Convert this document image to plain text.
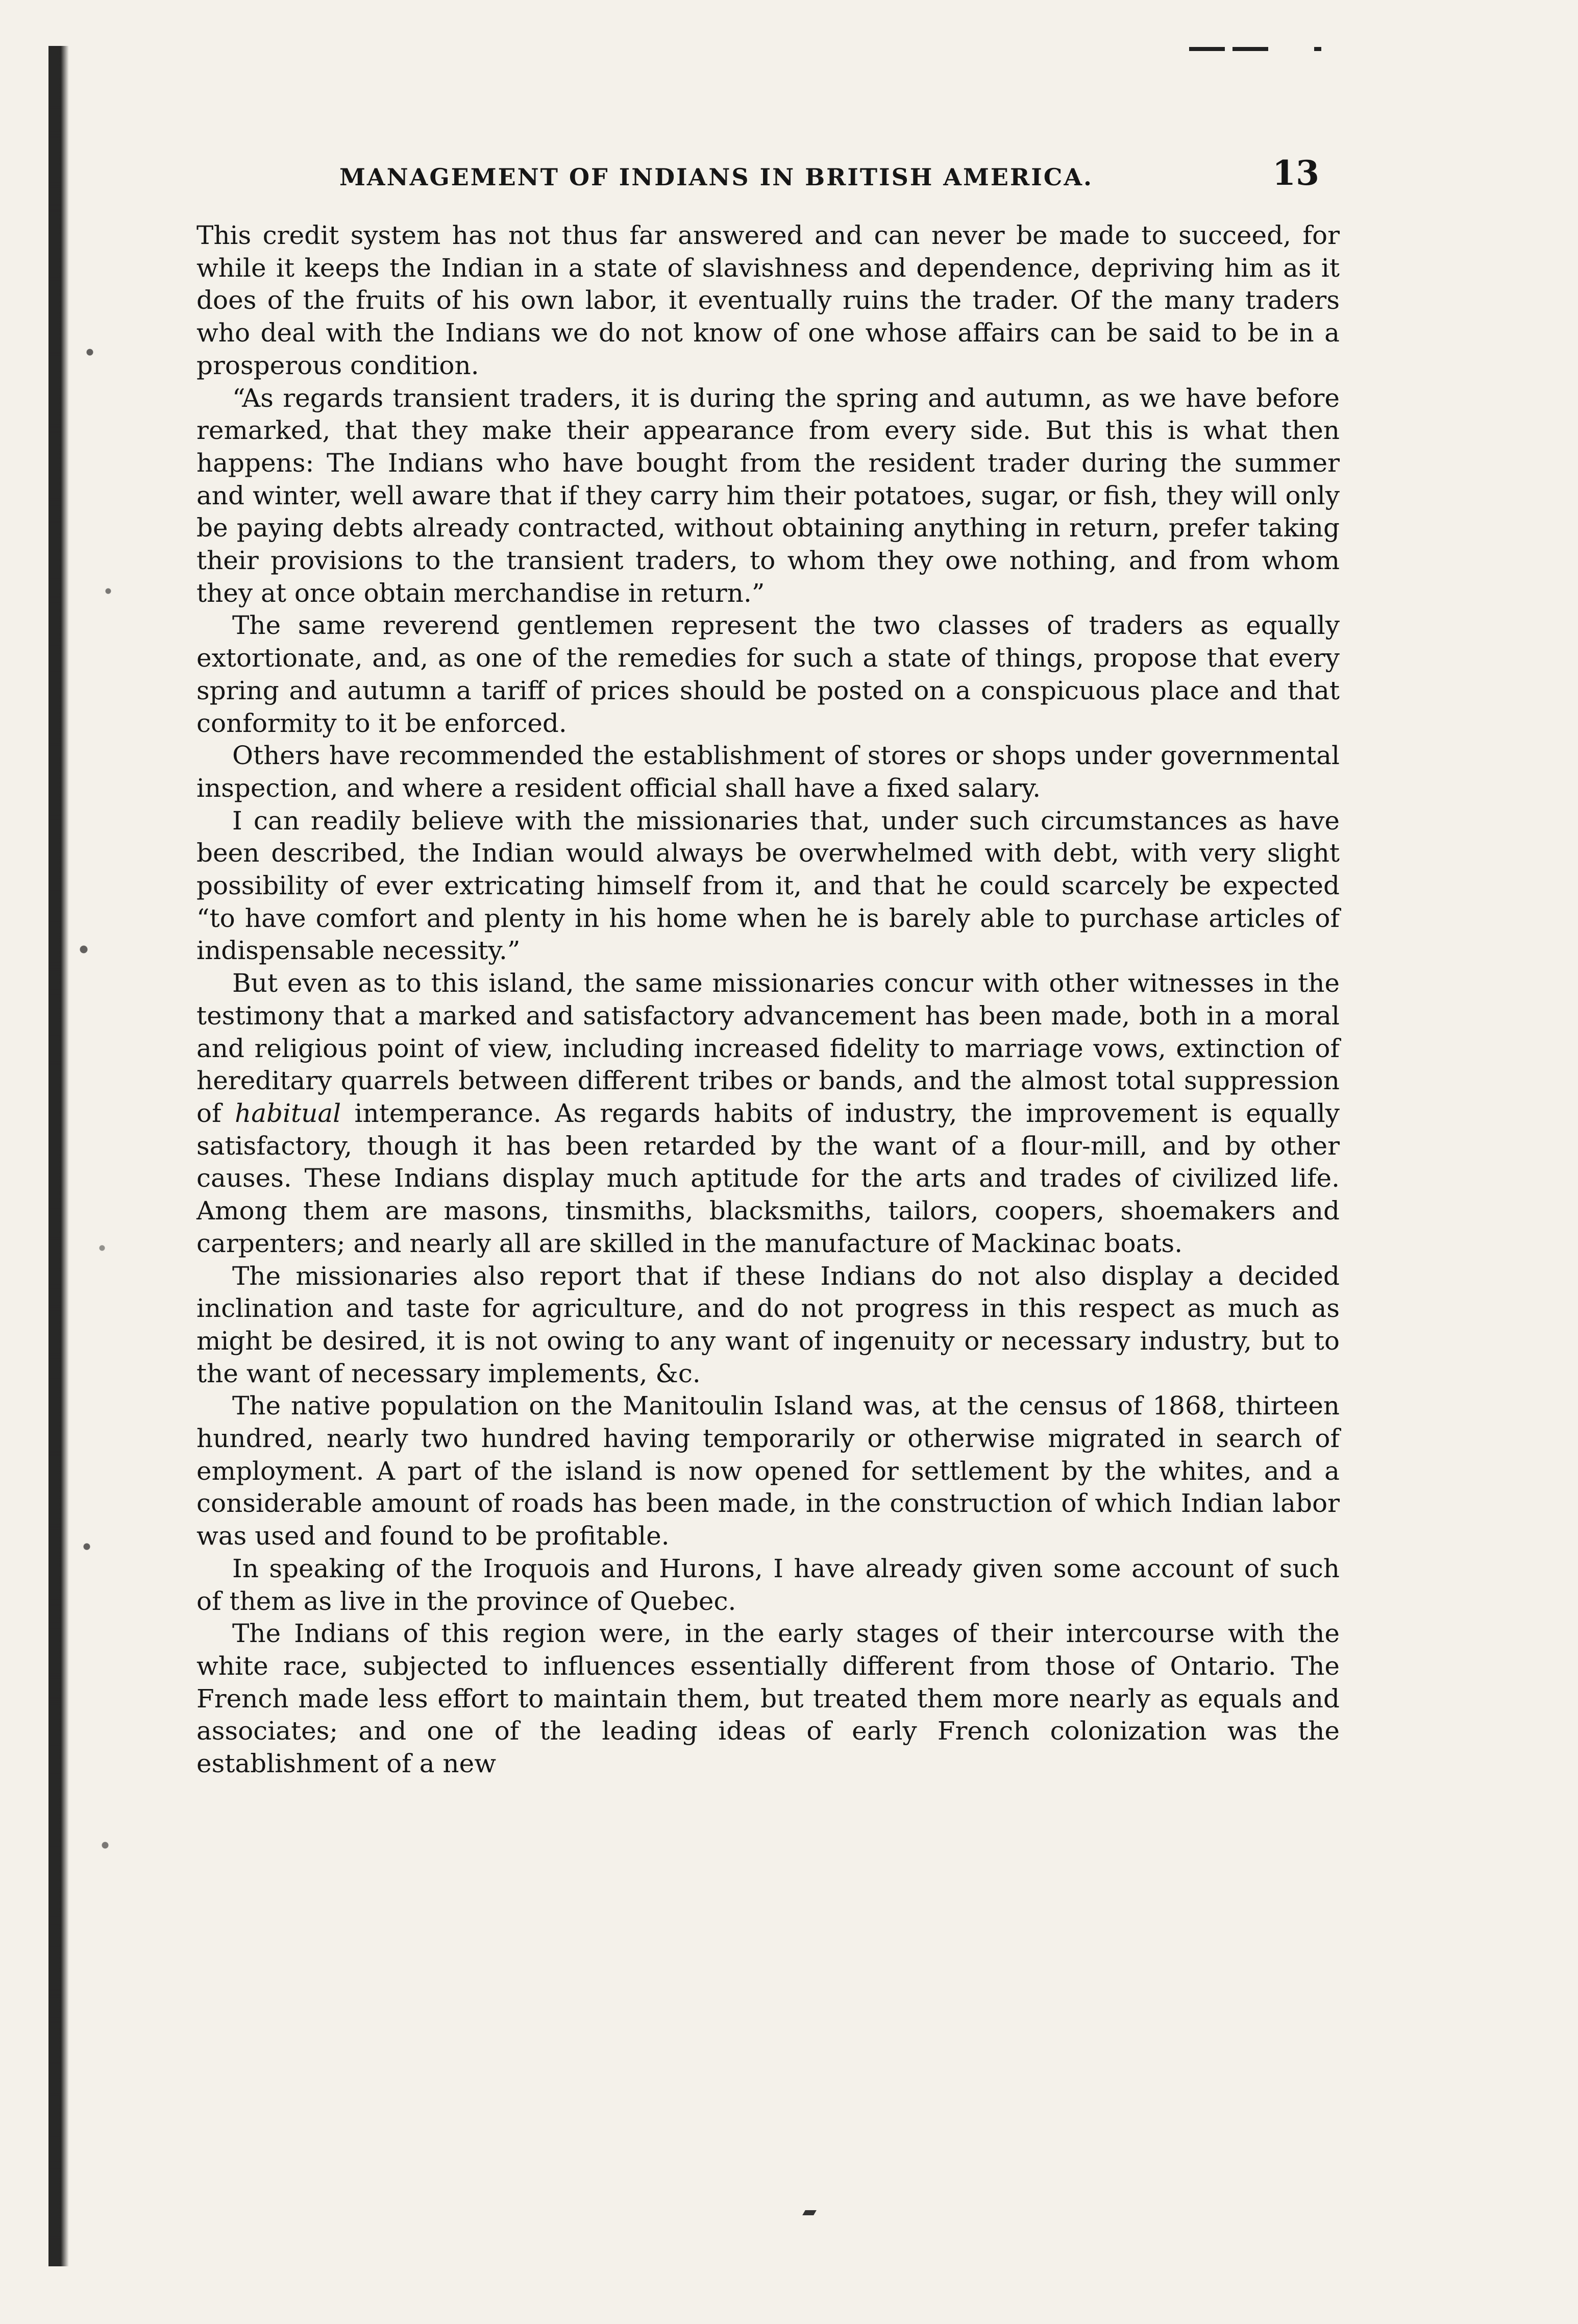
MANAGEMENT OF INDIANS IN BRITISH AMERICA.	13

This credit system has not thus far answered and can never be made to succeed, for while it keeps the Indian in a state of slavishness and dependence, depriving him as it does of the fruits of his own labor, it eventually ruins the trader. Of the many traders who deal with the Indians we do not know of one whose affairs can be said to be in a prosperous condition.

“As regards transient traders, it is during the spring and autumn, as we have before remarked, that they make their appearance from every side. But this is what then happens: The Indians who have bought from the resident trader during the summer and winter, well aware that if they carry him their potatoes, sugar, or fish, they will only be paying debts already contracted, without obtaining anything in return, prefer taking their provisions to the transient traders, to whom they owe nothing, and from whom they at once obtain merchandise in return.”

The same reverend gentlemen represent the two classes of traders as equally extortionate, and, as one of the remedies for such a state of things, propose that every spring and autumn a tariff of prices should be posted on a conspicuous place and that conformity to it be enforced.

Others have recommended the establishment of stores or shops under governmental inspection, and where a resident official shall have a fixed salary.

I can readily believe with the missionaries that, under such circumstances as have been described, the Indian would always be overwhelmed with debt, with very slight possibility of ever extricating himself from it, and that he could scarcely be expected “to have comfort and plenty in his home when he is barely able to purchase articles of indispensable necessity.”

But even as to this island, the same missionaries concur with other witnesses in the testimony that a marked and satisfactory advancement has been made, both in a moral and religious point of view, including increased fidelity to marriage vows, extinction of hereditary quarrels between different tribes or bands, and the almost total suppression of habitual intemperance. As regards habits of industry, the improvement is equally satisfactory, though it has been retarded by the want of a flour-mill, and by other causes. These Indians display much aptitude for the arts and trades of civilized life. Among them are masons, tinsmiths, blacksmiths, tailors, coopers, shoemakers and carpenters; and nearly all are skilled in the manufacture of Mackinac boats.

The missionaries also report that if these Indians do not also display a decided inclination and taste for agriculture, and do not progress in this respect as much as might be desired, it is not owing to any want of ingenuity or necessary industry, but to the want of necessary implements, &c.

The native population on the Manitoulin Island was, at the census of 1868, thirteen hundred, nearly two hundred having temporarily or otherwise migrated in search of employment. A part of the island is now opened for settlement by the whites, and a considerable amount of roads has been made, in the construction of which Indian labor was used and found to be profitable.

In speaking of the Iroquois and Hurons, I have already given some account of such of them as live in the province of Quebec.

The Indians of this region were, in the early stages of their intercourse with the white race, subjected to influences essentially different from those of Ontario. The French made less effort to maintain them, but treated them more nearly as equals and associates; and one of the leading ideas of early French colonization was the establishment of a new
